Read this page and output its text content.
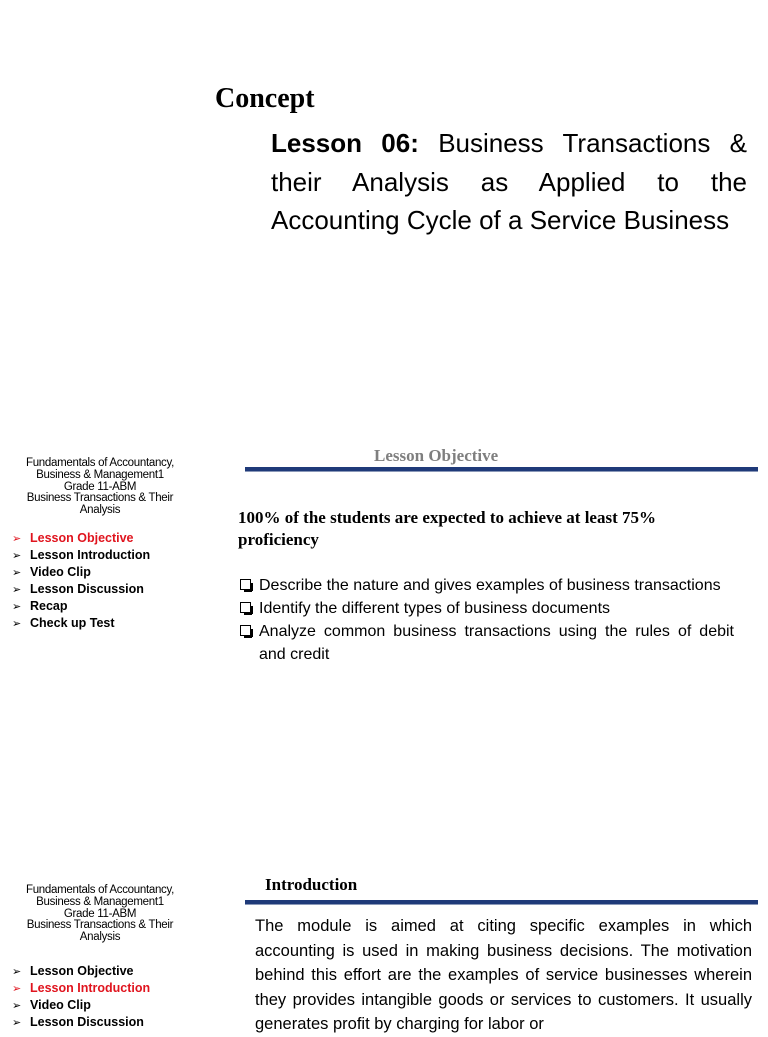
Concept
Lesson 06: Business Transactions & their Analysis as Applied to the Accounting Cycle of a Service Business
Fundamentals of Accountancy,
Business & Management1
Grade 11-ABM
Business Transactions & Their
Analysis
➢ Lesson Objective
➢ Lesson Introduction
➢ Video Clip
➢ Lesson Discussion
➢ Recap
➢ Check up Test
Lesson Objective
100% of the students are expected to achieve at least 75% proficiency
Describe the nature and gives examples of business transactions
Identify the different types of business documents
Analyze common business transactions using the rules of debit and credit
Fundamentals of Accountancy,
Business & Management1
Grade 11-ABM
Business Transactions & Their
Analysis
➢ Lesson Objective
➢ Lesson Introduction
➢ Video Clip
➢ Lesson Discussion
Introduction
The module is aimed at citing specific examples in which accounting is used in making business decisions. The motivation behind this effort are the examples of service businesses wherein they provides intangible goods or services to customers. It usually generates profit by charging for labor or
